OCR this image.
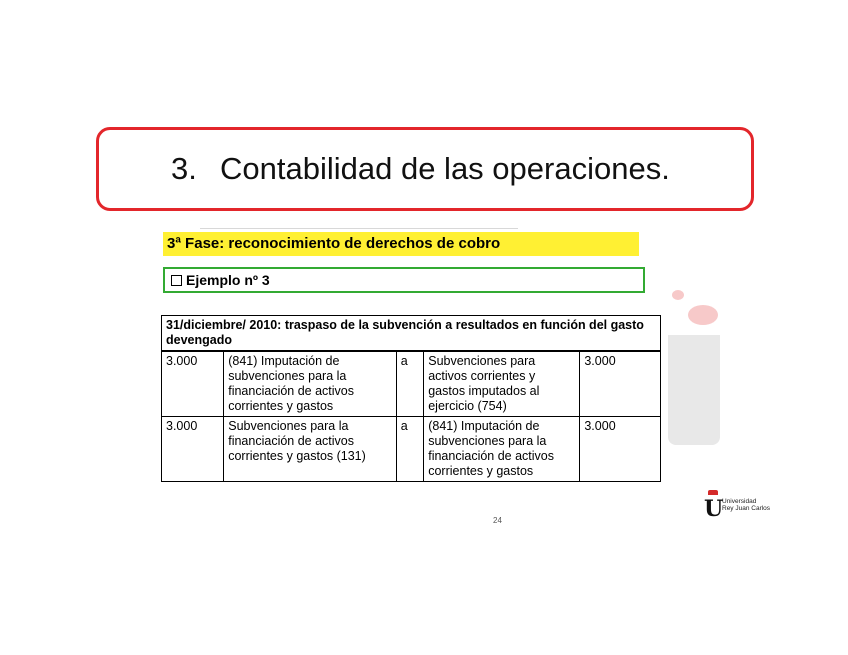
3. Contabilidad de las operaciones.
3ª Fase: reconocimiento de derechos de cobro
Ejemplo nº 3
31/diciembre/ 2010: traspaso de la subvención a resultados en función del gasto devengado				
3.000	(841) Imputación de subvenciones para la financiación de activos corrientes y gastos	a	Subvenciones para activos corrientes y gastos imputados al ejercicio (754)	3.000
3.000	Subvenciones para la financiación de activos corrientes y gastos (131)	a	(841) Imputación de subvenciones para la financiación de activos corrientes y gastos	3.000
24	U
Universidad
Rey Juan Carlos
